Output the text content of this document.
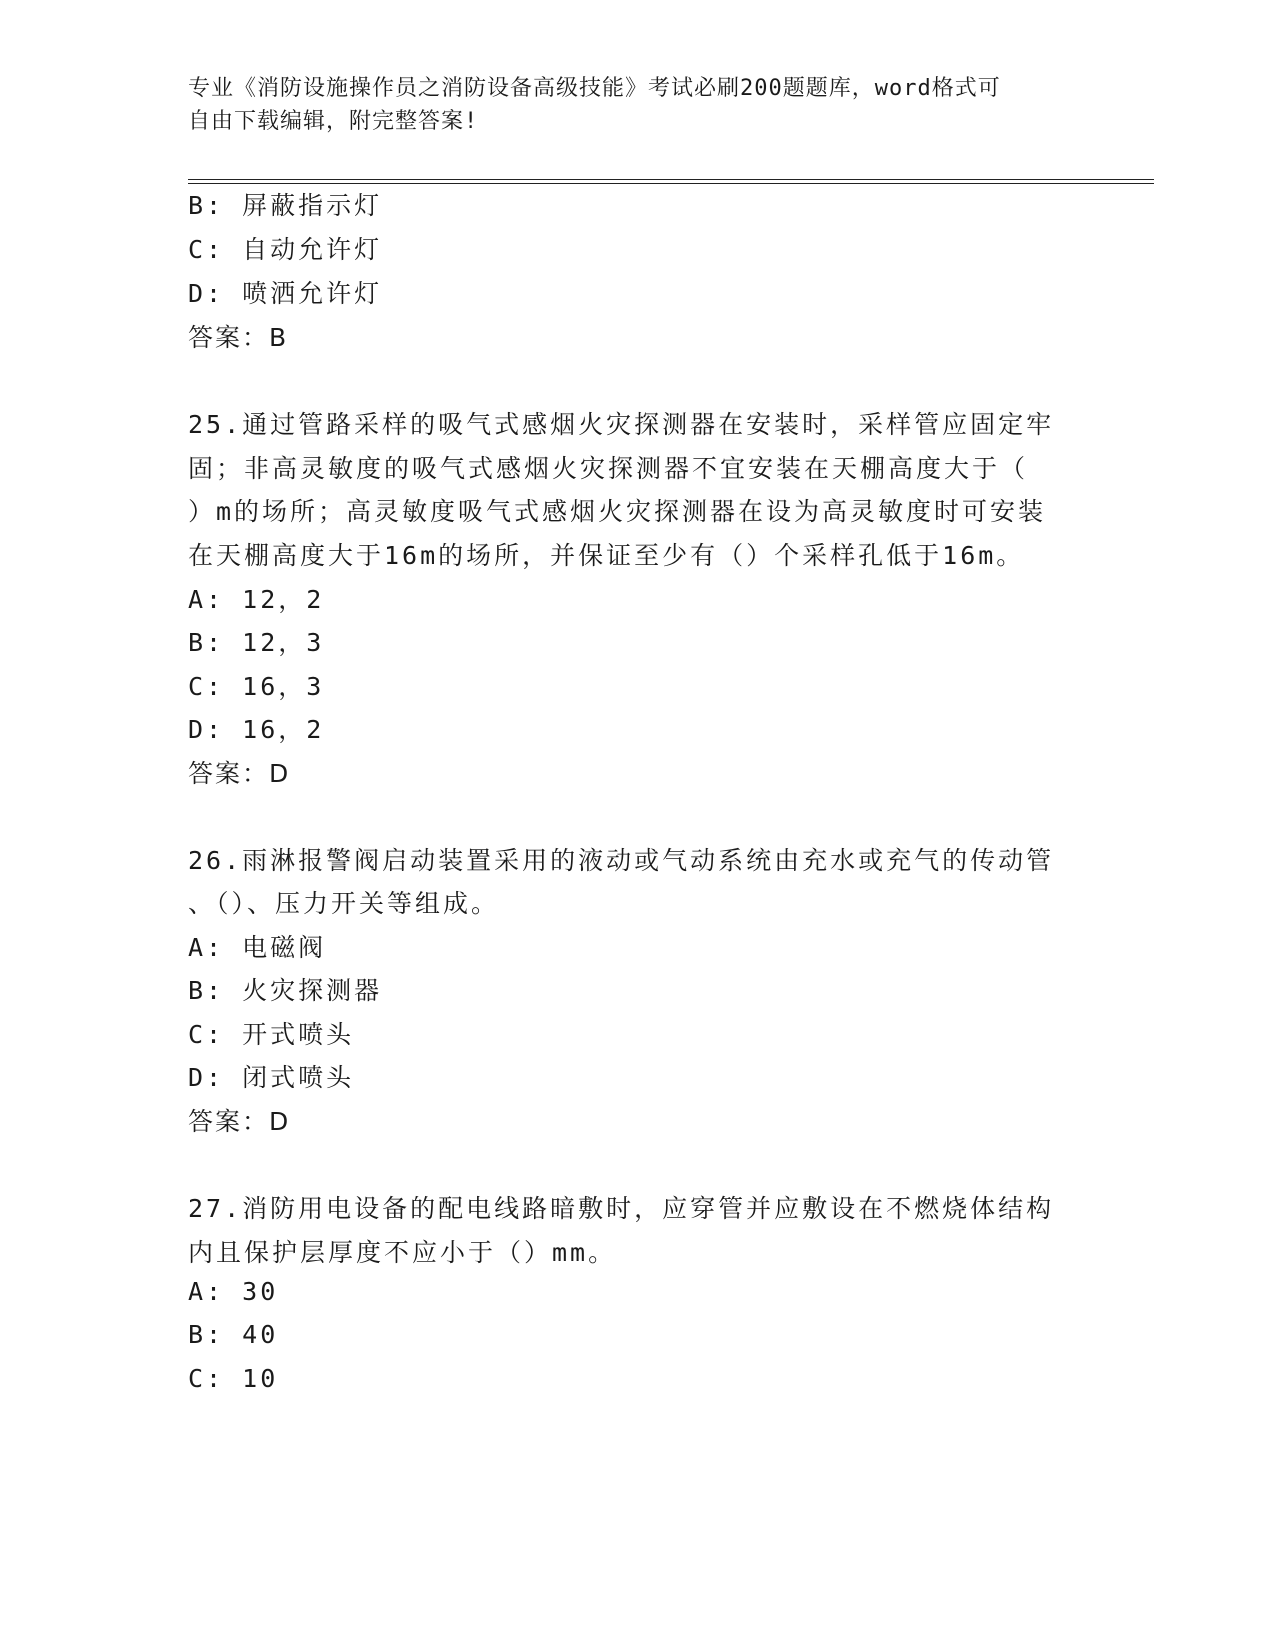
专业《消防设施操作员之消防设备高级技能》考试必刷200题题库，word格式可
自由下载编辑，附完整答案!
B: 屏蔽指示灯
C: 自动允许灯
D: 喷洒允许灯
答案：B
25.通过管路采样的吸气式感烟火灾探测器在安装时，采样管应固定牢
固；非高灵敏度的吸气式感烟火灾探测器不宜安装在天棚高度大于（
）m的场所；高灵敏度吸气式感烟火灾探测器在设为高灵敏度时可安装
在天棚高度大于16m的场所，并保证至少有（）个采样孔低于16m。
A: 12，2
B: 12，3
C: 16，3
D: 16，2
答案：D
26.雨淋报警阀启动装置采用的液动或气动系统由充水或充气的传动管
、（）、压力开关等组成。
A: 电磁阀
B: 火灾探测器
C: 开式喷头
D: 闭式喷头
答案：D
27.消防用电设备的配电线路暗敷时，应穿管并应敷设在不燃烧体结构
内且保护层厚度不应小于（）mm。
A: 30
B: 40
C: 10
